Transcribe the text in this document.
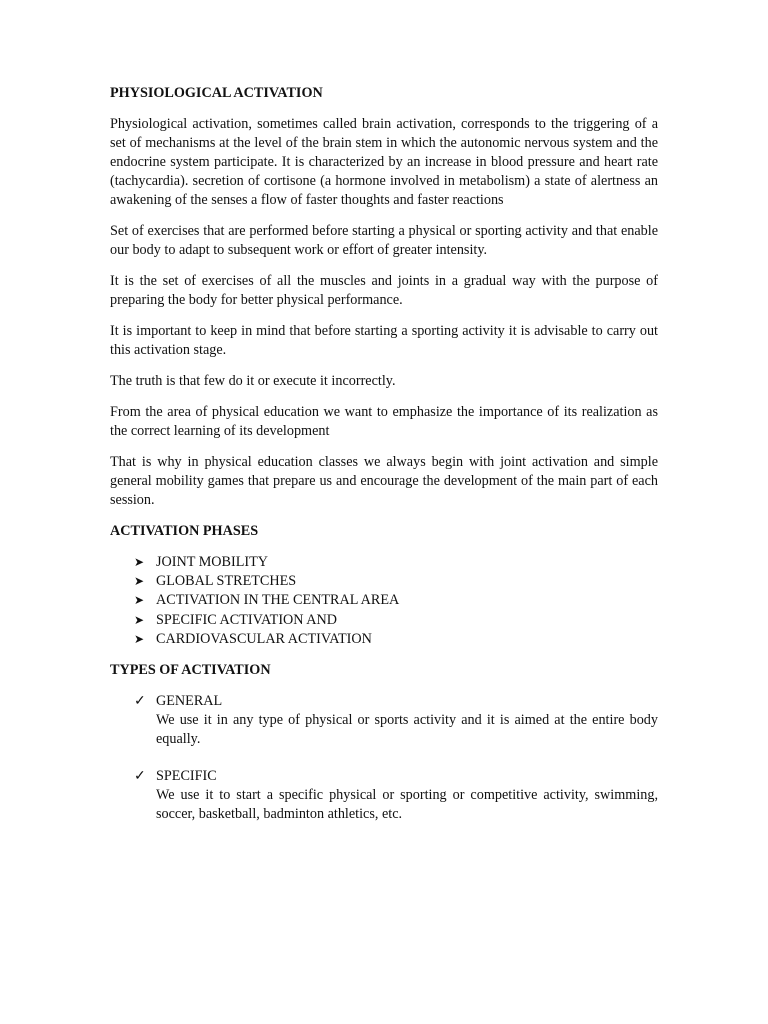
PHYSIOLOGICAL ACTIVATION

Physiological activation, sometimes called brain activation, corresponds to the triggering of a set of mechanisms at the level of the brain stem in which the autonomic nervous system and the endocrine system participate. It is characterized by an increase in blood pressure and heart rate (tachycardia). secretion of cortisone (a hormone involved in metabolism) a state of alertness an awakening of the senses a flow of faster thoughts and faster reactions

Set of exercises that are performed before starting a physical or sporting activity and that enable our body to adapt to subsequent work or effort of greater intensity.

It is the set of exercises of all the muscles and joints in a gradual way with the purpose of preparing the body for better physical performance.

It is important to keep in mind that before starting a sporting activity it is advisable to carry out this activation stage.

The truth is that few do it or execute it incorrectly.

From the area of physical education we want to emphasize the importance of its realization as the correct learning of its development

That is why in physical education classes we always begin with joint activation and simple general mobility games that prepare us and encourage the development of the main part of each session.

ACTIVATION PHASES
➤ JOINT MOBILITY
➤ GLOBAL STRETCHES
➤ ACTIVATION IN THE CENTRAL AREA
➤ SPECIFIC ACTIVATION AND
➤ CARDIOVASCULAR ACTIVATION
TYPES OF ACTIVATION
✓ GENERAL
We use it in any type of physical or sports activity and it is aimed at the entire body equally.
✓ SPECIFIC
We use it to start a specific physical or sporting or competitive activity, swimming, soccer, basketball, badminton athletics, etc.
